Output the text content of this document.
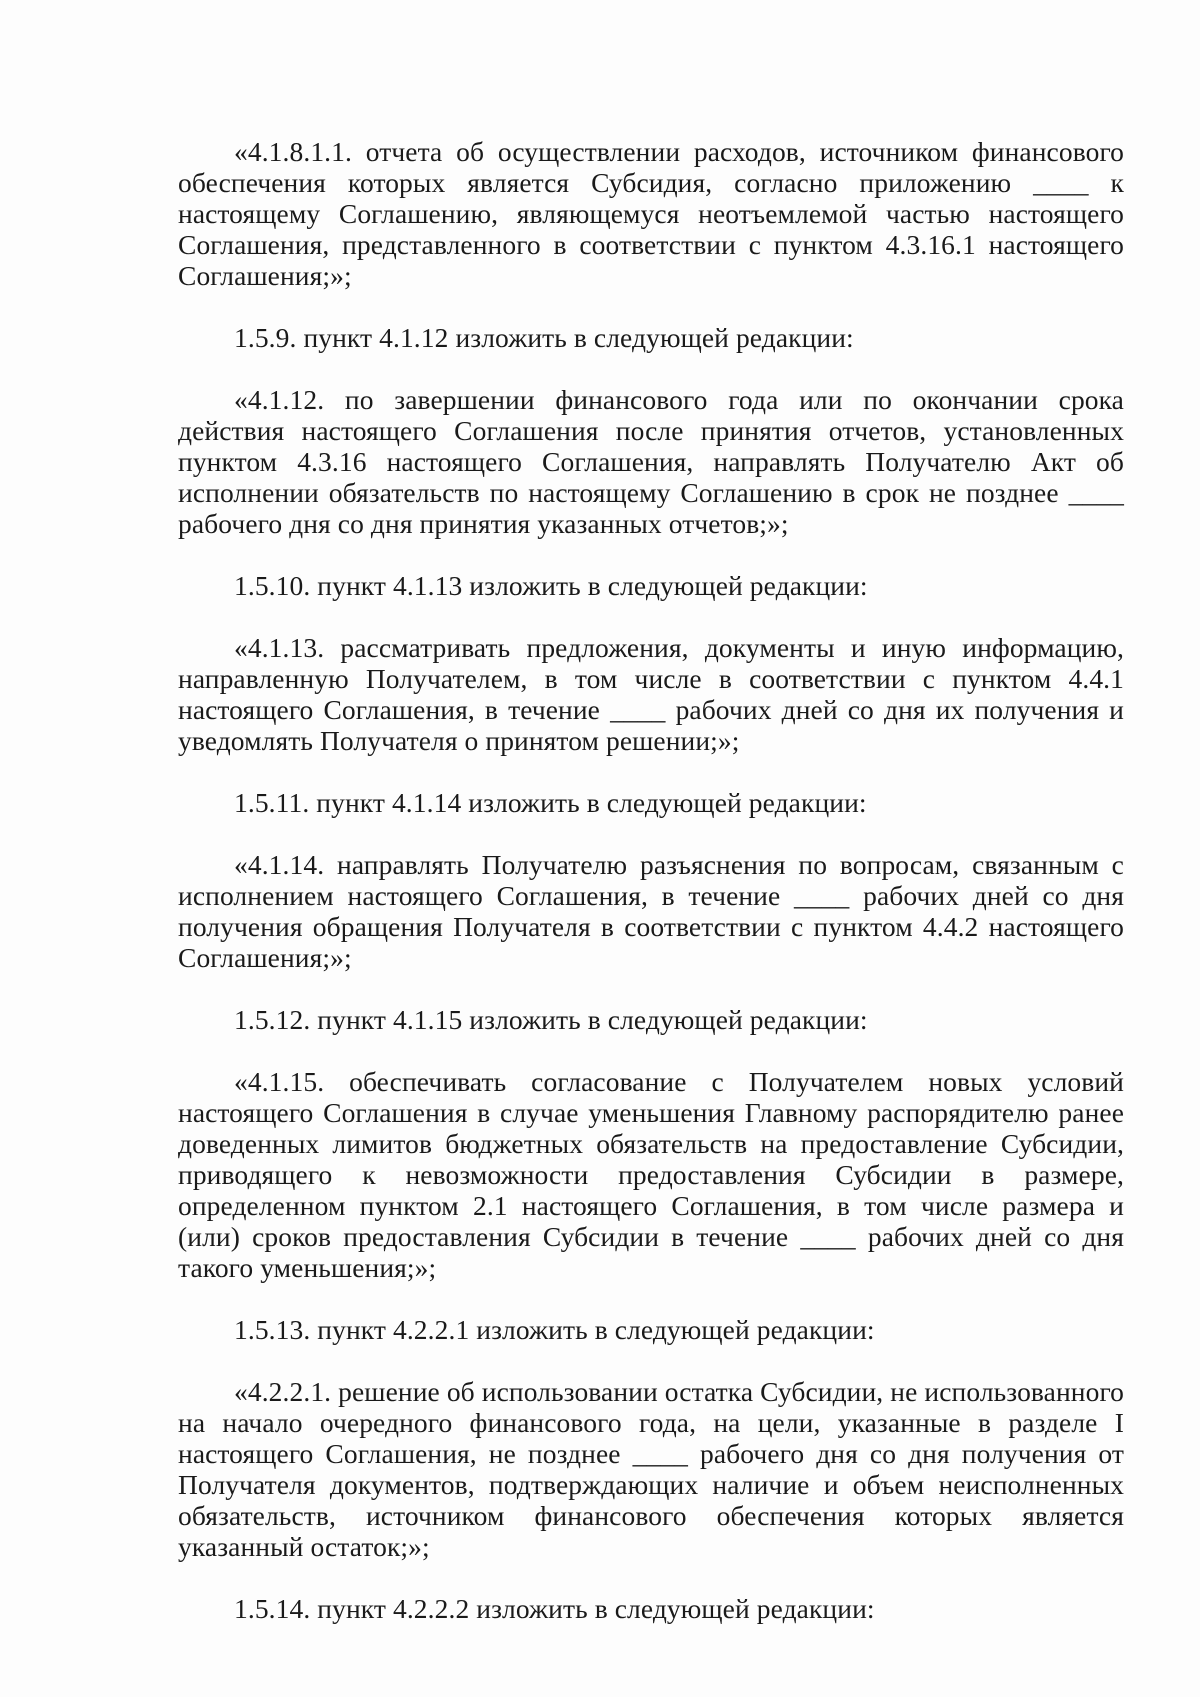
«4.1.8.1.1. отчета об осуществлении расходов, источником финансового обеспечения которых является Субсидия, согласно приложению ____ к настоящему Соглашению, являющемуся неотъемлемой частью настоящего Соглашения, представленного в соответствии с пунктом 4.3.16.1 настоящего Соглашения;»;

1.5.9. пункт 4.1.12 изложить в следующей редакции:

«4.1.12. по завершении финансового года или по окончании срока действия настоящего Соглашения после принятия отчетов, установленных пунктом 4.3.16 настоящего Соглашения, направлять Получателю Акт об исполнении обязательств по настоящему Соглашению в срок не позднее ____ рабочего дня со дня принятия указанных отчетов;»;

1.5.10. пункт 4.1.13 изложить в следующей редакции:

«4.1.13. рассматривать предложения, документы и иную информацию, направленную Получателем, в том числе в соответствии с пунктом 4.4.1 настоящего Соглашения, в течение ____ рабочих дней со дня их получения и уведомлять Получателя о принятом решении;»;

1.5.11. пункт 4.1.14 изложить в следующей редакции:

«4.1.14. направлять Получателю разъяснения по вопросам, связанным с исполнением настоящего Соглашения, в течение ____ рабочих дней со дня получения обращения Получателя в соответствии с пунктом 4.4.2 настоящего Соглашения;»;

1.5.12. пункт 4.1.15 изложить в следующей редакции:

«4.1.15. обеспечивать согласование с Получателем новых условий настоящего Соглашения в случае уменьшения Главному распорядителю ранее доведенных лимитов бюджетных обязательств на предоставление Субсидии, приводящего к невозможности предоставления Субсидии в размере, определенном пунктом 2.1 настоящего Соглашения, в том числе размера и (или) сроков предоставления Субсидии в течение ____ рабочих дней со дня такого уменьшения;»;

1.5.13. пункт 4.2.2.1 изложить в следующей редакции:

«4.2.2.1. решение об использовании остатка Субсидии, не использованного на начало очередного финансового года, на цели, указанные в разделе I настоящего Соглашения, не позднее ____ рабочего дня со дня получения от Получателя документов, подтверждающих наличие и объем неисполненных обязательств, источником финансового обеспечения которых является указанный остаток;»;

1.5.14. пункт 4.2.2.2 изложить в следующей редакции:
